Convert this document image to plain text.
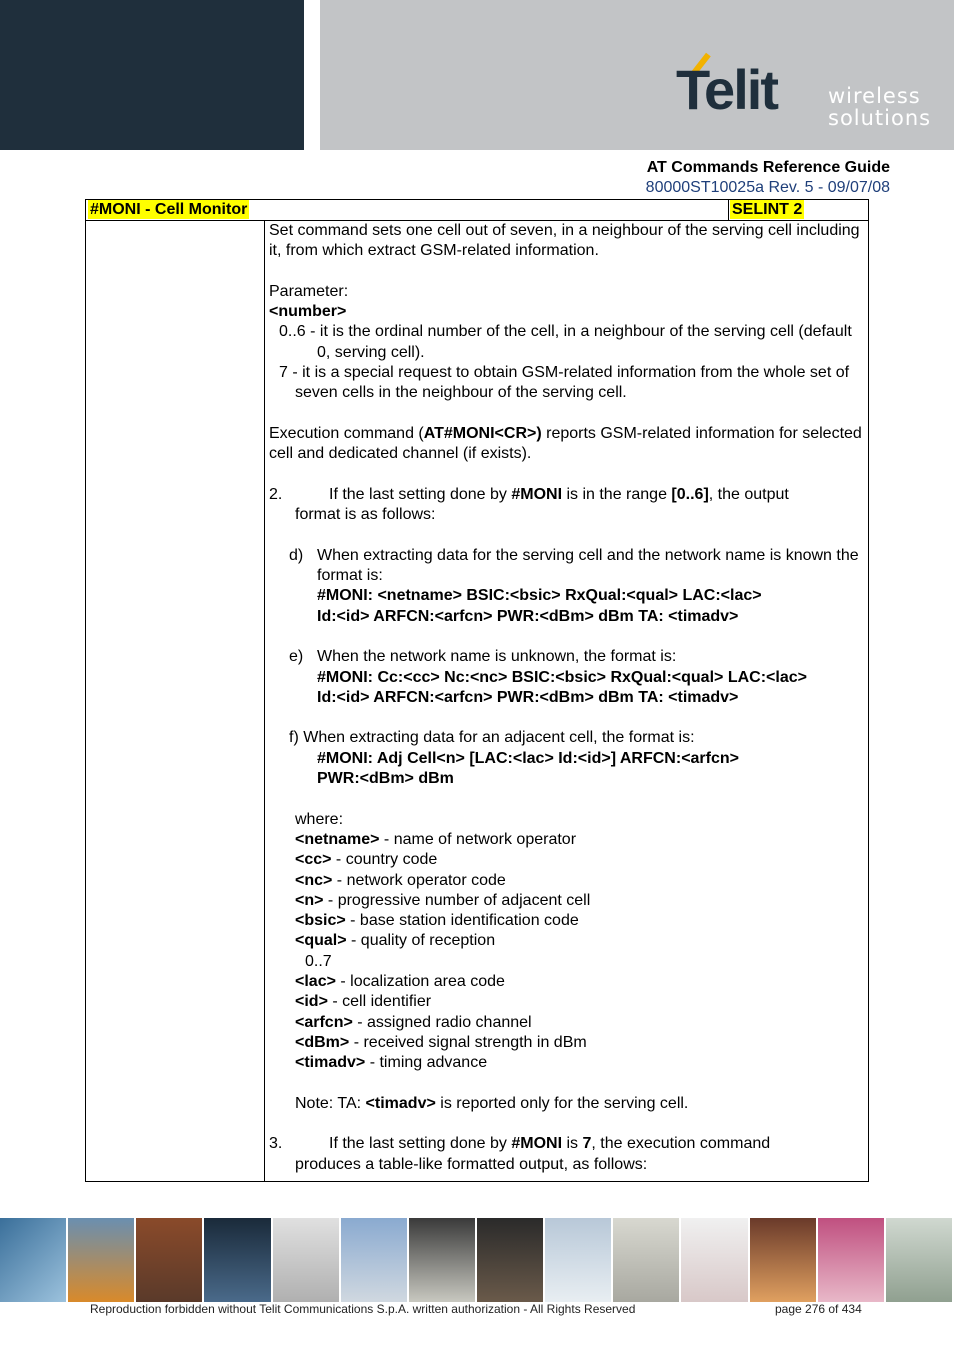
Telit wireless
solutions
AT Commands Reference Guide
80000ST10025a Rev. 5 - 09/07/08
#MONI - Cell Monitor	SELINT 2

Set command sets one cell out of seven, in a neighbour of the serving cell including it, from which extract GSM-related information.

Parameter:

<number>

0..6 - it is the ordinal number of the cell, in a neighbour of the serving cell (default 0, serving cell).

7 - it is a special request to obtain GSM-related information from the whole set of seven cells in the neighbour of the serving cell.

Execution command (AT#MONI<CR>) reports GSM-related information for selected cell and dedicated channel (if exists).

2.	If the last setting done by #MONI is in the range [0..6], the output

format is as follows:

d) When extracting data for the serving cell and the network name is known the format is:

#MONI: <netname> BSIC:<bsic> RxQual:<qual> LAC:<lac>

Id:<id> ARFCN:<arfcn> PWR:<dBm> dBm TA: <timadv>

e) When the network name is unknown, the format is:

#MONI: Cc:<cc> Nc:<nc> BSIC:<bsic> RxQual:<qual> LAC:<lac>

Id:<id> ARFCN:<arfcn> PWR:<dBm> dBm TA: <timadv>

f) When extracting data for an adjacent cell, the format is:

#MONI: Adj Cell<n> [LAC:<lac> Id:<id>] ARFCN:<arfcn>

PWR:<dBm> dBm

where:

<netname> - name of network operator

<cc> - country code

<nc> - network operator code

<n> - progressive number of adjacent cell

<bsic> - base station identification code

<qual> - quality of reception

0..7

<lac> - localization area code

<id> - cell identifier

<arfcn> - assigned radio channel

<dBm> - received signal strength in dBm

<timadv> - timing advance

Note: TA: <timadv> is reported only for the serving cell.

3.	If the last setting done by #MONI is 7, the execution command

produces a table-like formatted output, as follows:

Reproduction forbidden without Telit Communications S.p.A. written authorization - All Rights Reserved	page 276 of 434
